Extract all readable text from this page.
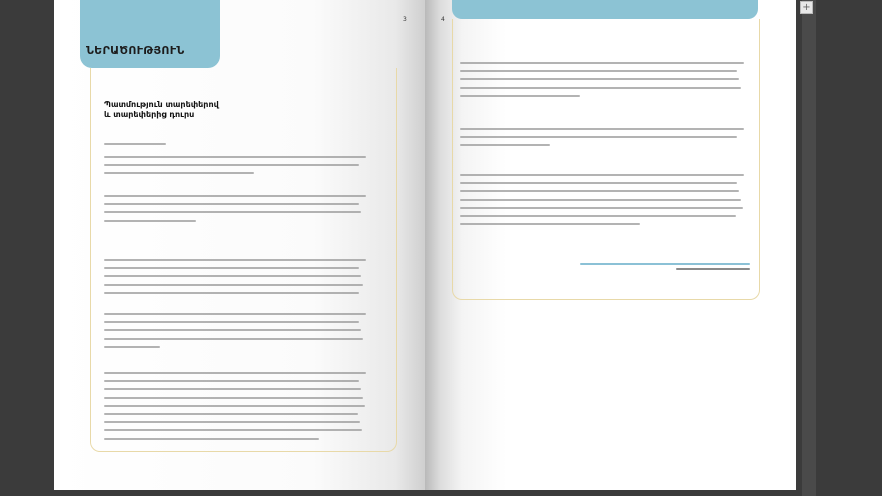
ՆԵՐԱԾՈՒԹՅՈՒՆ
3
Պատմություն տարեփերով
և տարեփերից դուրս
4
+
